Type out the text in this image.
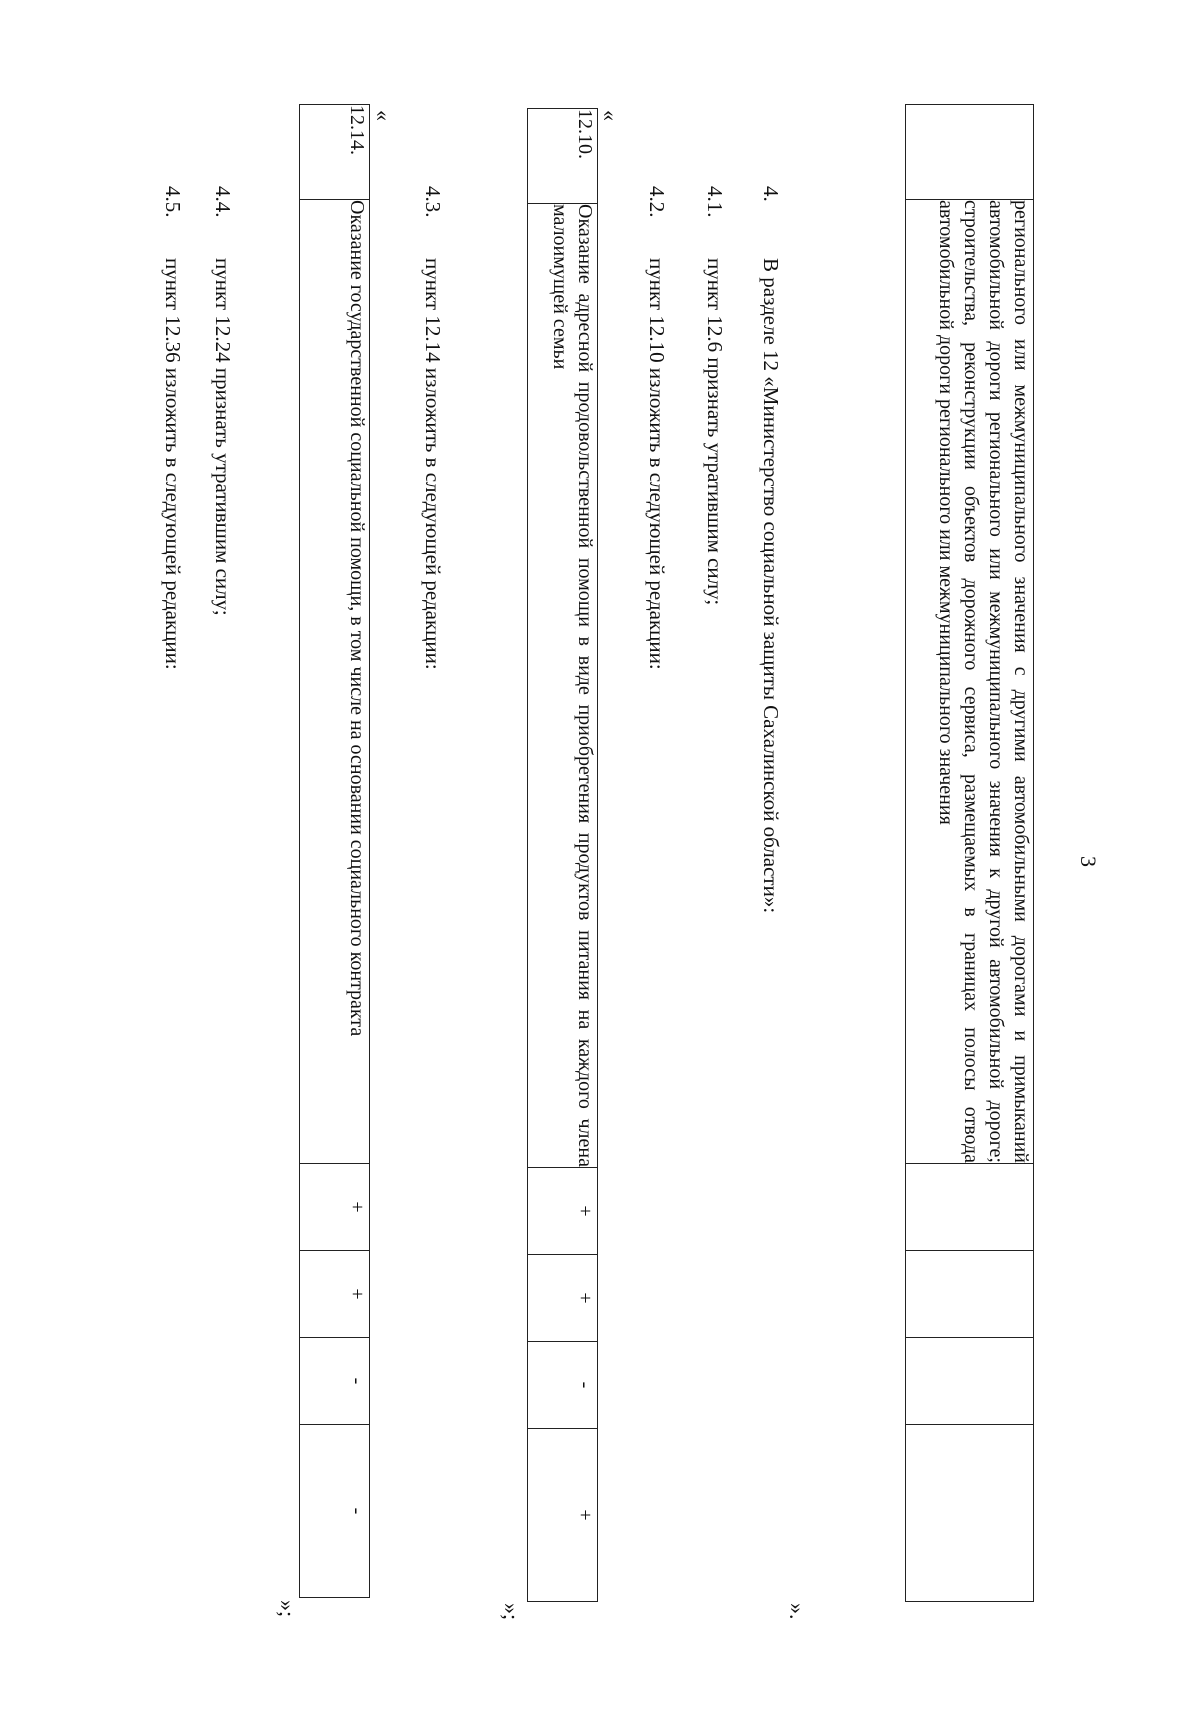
3
	регионального или межмуниципального значения с другими автомобильными дорогами и примыканий автомобильной дороги регионального или межмуниципального значения к другой автомобильной дороге; строительства, реконструкции объектов дорожного сервиса, размещаемых в границах полосы отвода автомобильной дороги регионального или межмуниципального значения				
».
4.
В разделе 12 «Министерство социальной защиты Сахалинской области»:
4.1.
пункт 12.6 признать утратившим силу;
4.2.
пункт 12.10 изложить в следующей редакции:
«
12.10.	Оказание адресной продовольственной помощи в виде приобретения продуктов питания на каждого члена малоимущей семьи	+	+	-	+
»;
4.3.
пункт 12.14 изложить в следующей редакции:
«
12.14.	Оказание государственной социальной помощи, в том числе на основании социального контракта	+	+	-	-
»;
4.4.
пункт 12.24 признать утратившим силу;
4.5.
пункт 12.36 изложить в следующей редакции:
